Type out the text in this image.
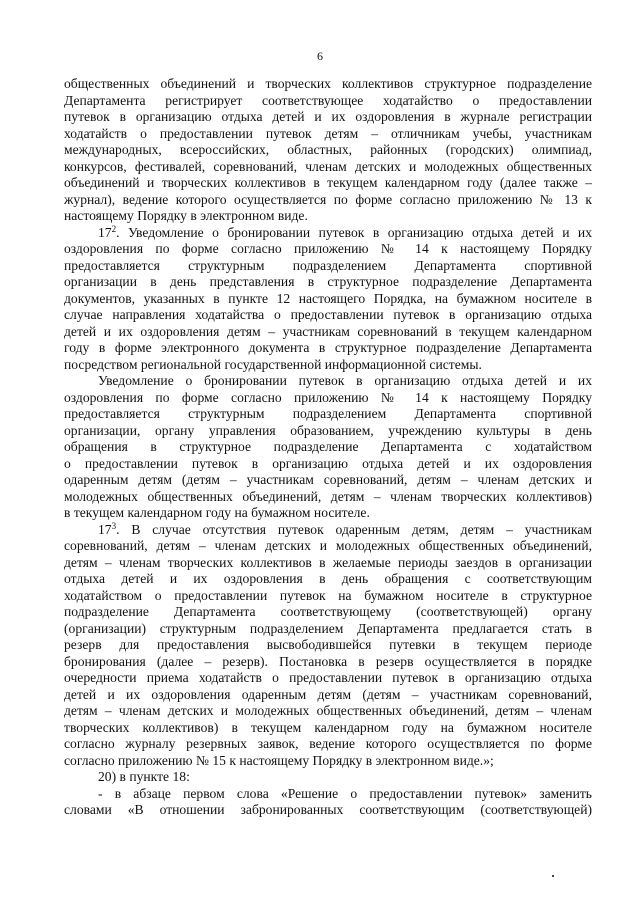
6
общественных объединений и творческих коллективов структурное подразделение
Департамента регистрирует соответствующее ходатайство о предоставлении
путевок в организацию отдыха детей и их оздоровления в журнале регистрации
ходатайств о предоставлении путевок детям – отличникам учебы, участникам
международных, всероссийских, областных, районных (городских) олимпиад,
конкурсов, фестивалей, соревнований, членам детских и молодежных общественных
объединений и творческих коллективов в текущем календарном году (далее также –
журнал), ведение которого осуществляется по форме согласно приложению № 13 к
настоящему Порядку в электронном виде.
$17^2$. Уведомление о бронировании путевок в организацию отдыха детей и их
оздоровления по форме согласно приложению № 14 к настоящему Порядку
предоставляется структурным подразделением Департамента спортивной
организации в день представления в структурное подразделение Департамента
документов, указанных в пункте 12 настоящего Порядка, на бумажном носителе в
случае направления ходатайства о предоставлении путевок в организацию отдыха
детей и их оздоровления детям – участникам соревнований в текущем календарном
году в форме электронного документа в структурное подразделение Департамента
посредством региональной государственной информационной системы.
Уведомление о бронировании путевок в организацию отдыха детей и их
оздоровления по форме согласно приложению № 14 к настоящему Порядку
предоставляется структурным подразделением Департамента спортивной
организации, органу управления образованием, учреждению культуры в день
обращения в структурное подразделение Департамента с ходатайством
о предоставлении путевок в организацию отдыха детей и их оздоровления
одаренным детям (детям – участникам соревнований, детям – членам детских и
молодежных общественных объединений, детям – членам творческих коллективов)
в текущем календарном году на бумажном носителе.
$17^3$. В случае отсутствия путевок одаренным детям, детям – участникам
соревнований, детям – членам детских и молодежных общественных объединений,
детям – членам творческих коллективов в желаемые периоды заездов в организации
отдыха детей и их оздоровления в день обращения с соответствующим
ходатайством о предоставлении путевок на бумажном носителе в структурное
подразделение Департамента соответствующему (соответствующей) органу
(организации) структурным подразделением Департамента предлагается стать в
резерв для предоставления высвободившейся путевки в текущем периоде
бронирования (далее – резерв). Постановка в резерв осуществляется в порядке
очередности приема ходатайств о предоставлении путевок в организацию отдыха
детей и их оздоровления одаренным детям (детям – участникам соревнований,
детям – членам детских и молодежных общественных объединений, детям – членам
творческих коллективов) в текущем календарном году на бумажном носителе
согласно журналу резервных заявок, ведение которого осуществляется по форме
согласно приложению № 15 к настоящему Порядку в электронном виде.»;
20) в пункте 18:
- в абзаце первом слова «Решение о предоставлении путевок» заменить
словами «В отношении забронированных соответствующим (соответствующей)
